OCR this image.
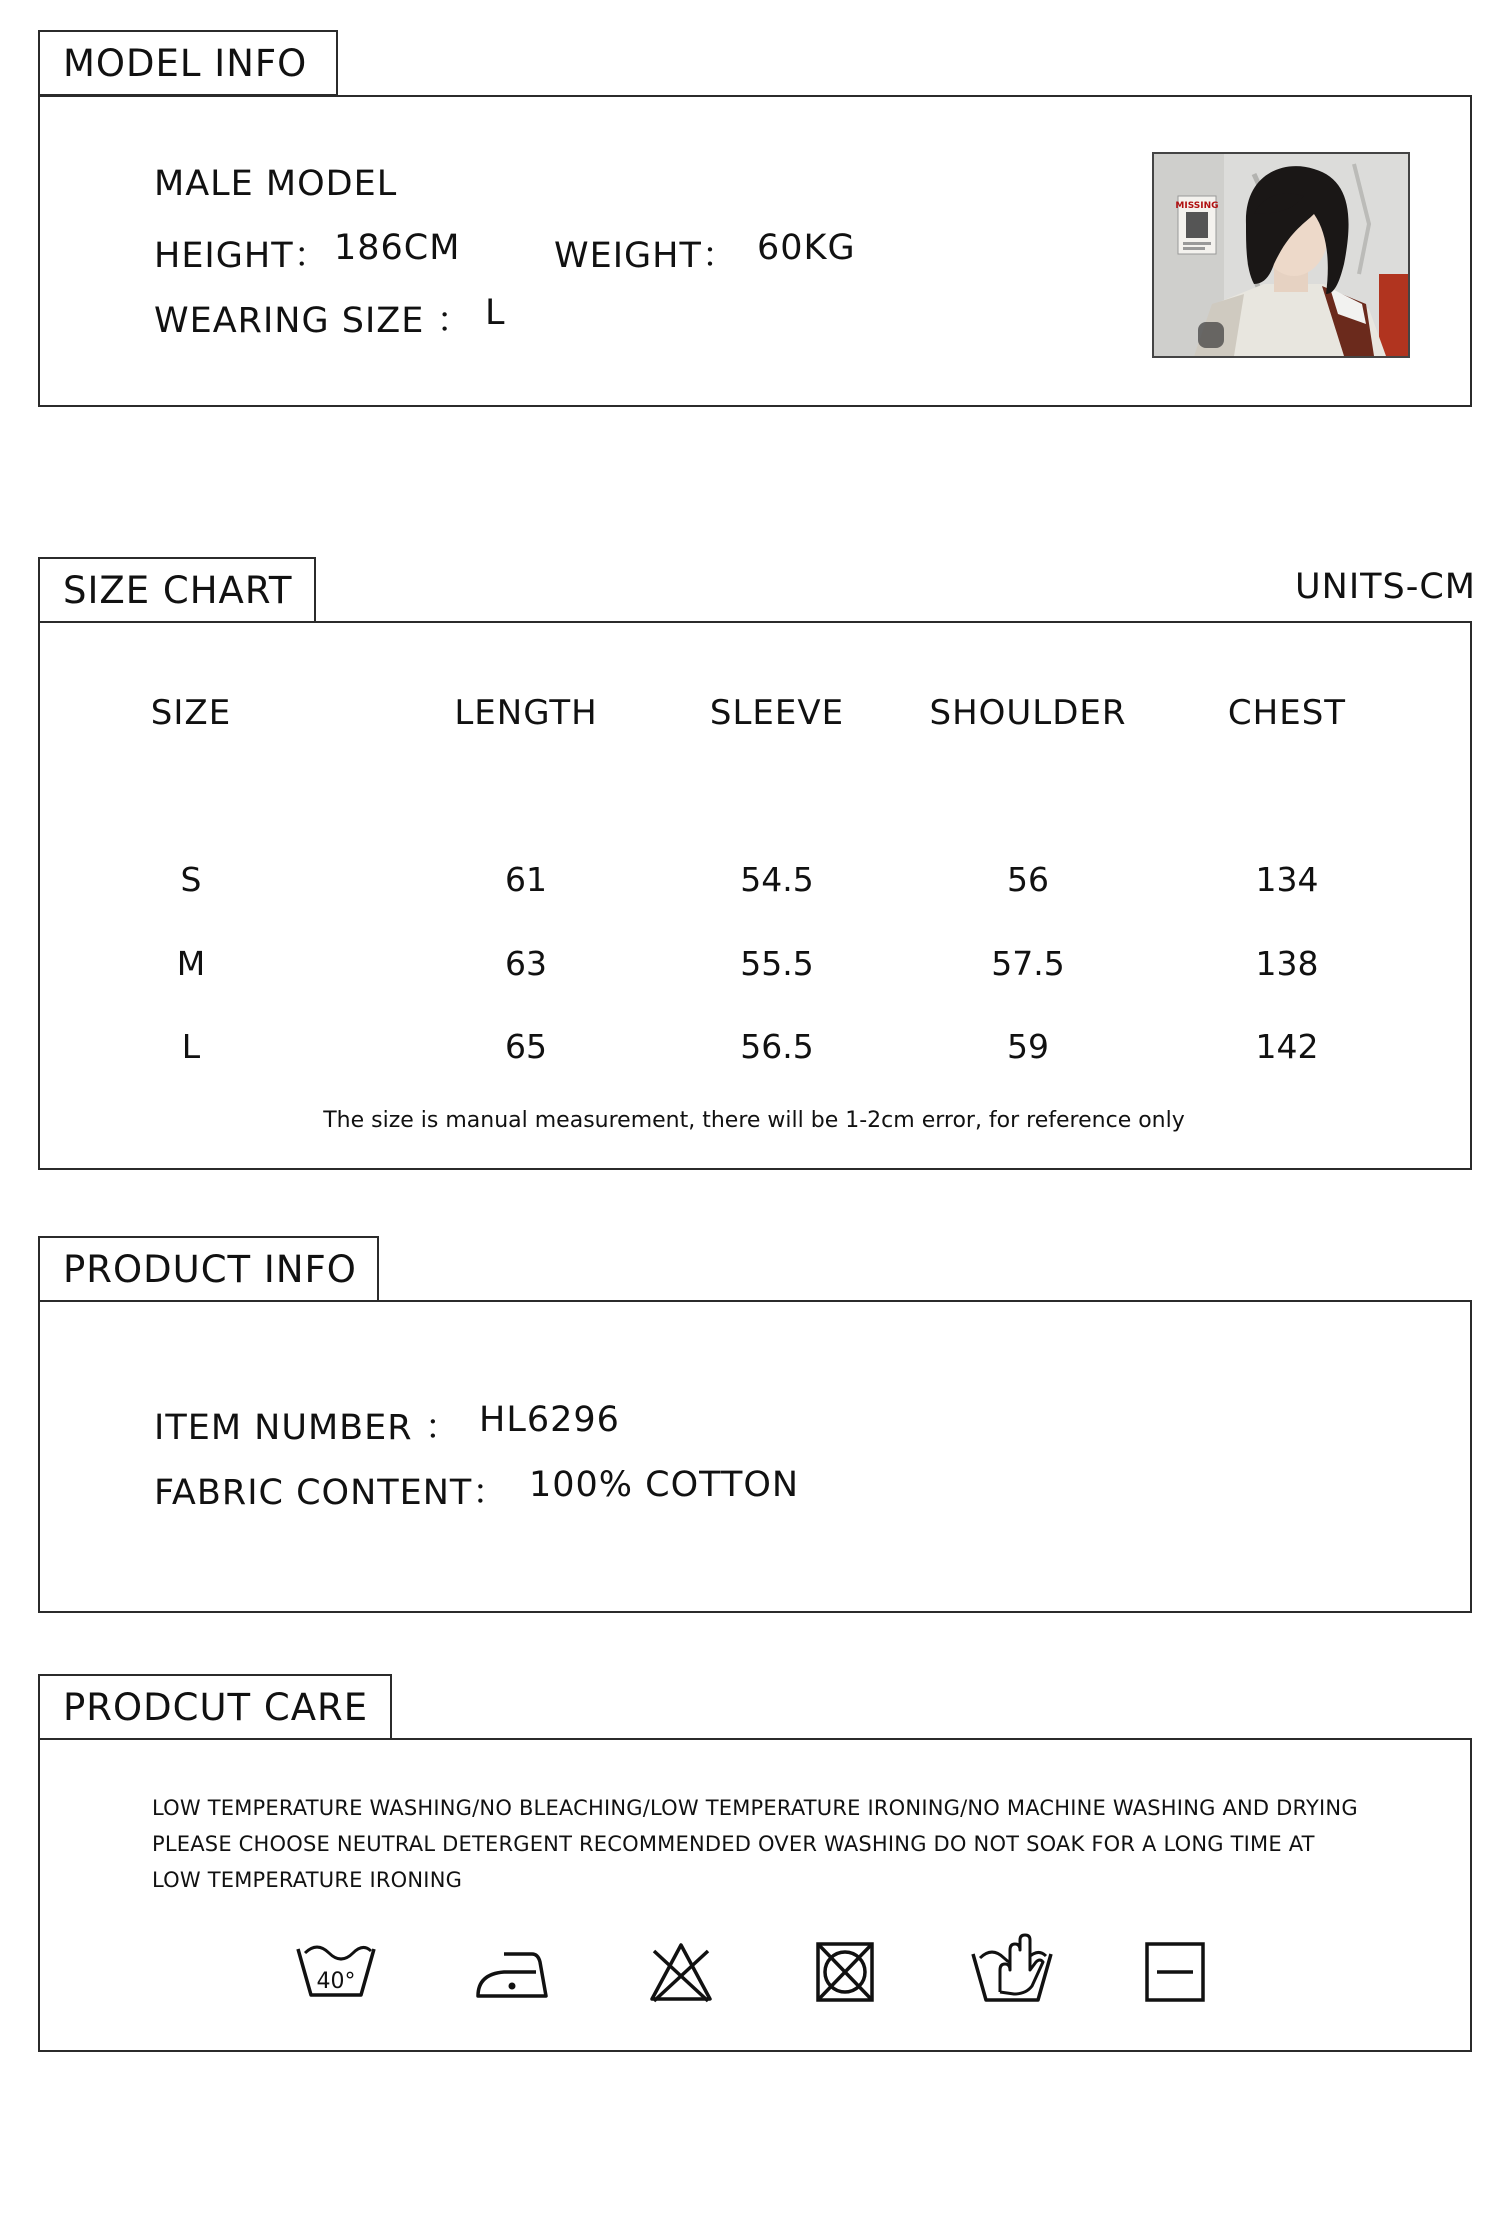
MODEL INFO
MALE MODEL
HEIGHT： 186CM	WEIGHT： 60KG
WEARING SIZE ： L
MISSING
SIZE CHART	UNITS-CM
SIZE	LENGTH	SLEEVE	SHOULDER	CHEST
S	61	54.5	56	134
M	63	55.5	57.5	138
L	65	56.5	59	142
The size is manual measurement, there will be 1-2cm error, for reference only
PRODUCT INFO
ITEM NUMBER ： HL6296
FABRIC CONTENT： 100% COTTON
PRODCUT CARE
LOW TEMPERATURE WASHING/NO BLEACHING/LOW TEMPERATURE IRONING/NO MACHINE WASHING AND DRYING
PLEASE CHOOSE NEUTRAL DETERGENT RECOMMENDED OVER WASHING DO NOT SOAK FOR A LONG TIME AT
LOW TEMPERATURE IRONING
40°
